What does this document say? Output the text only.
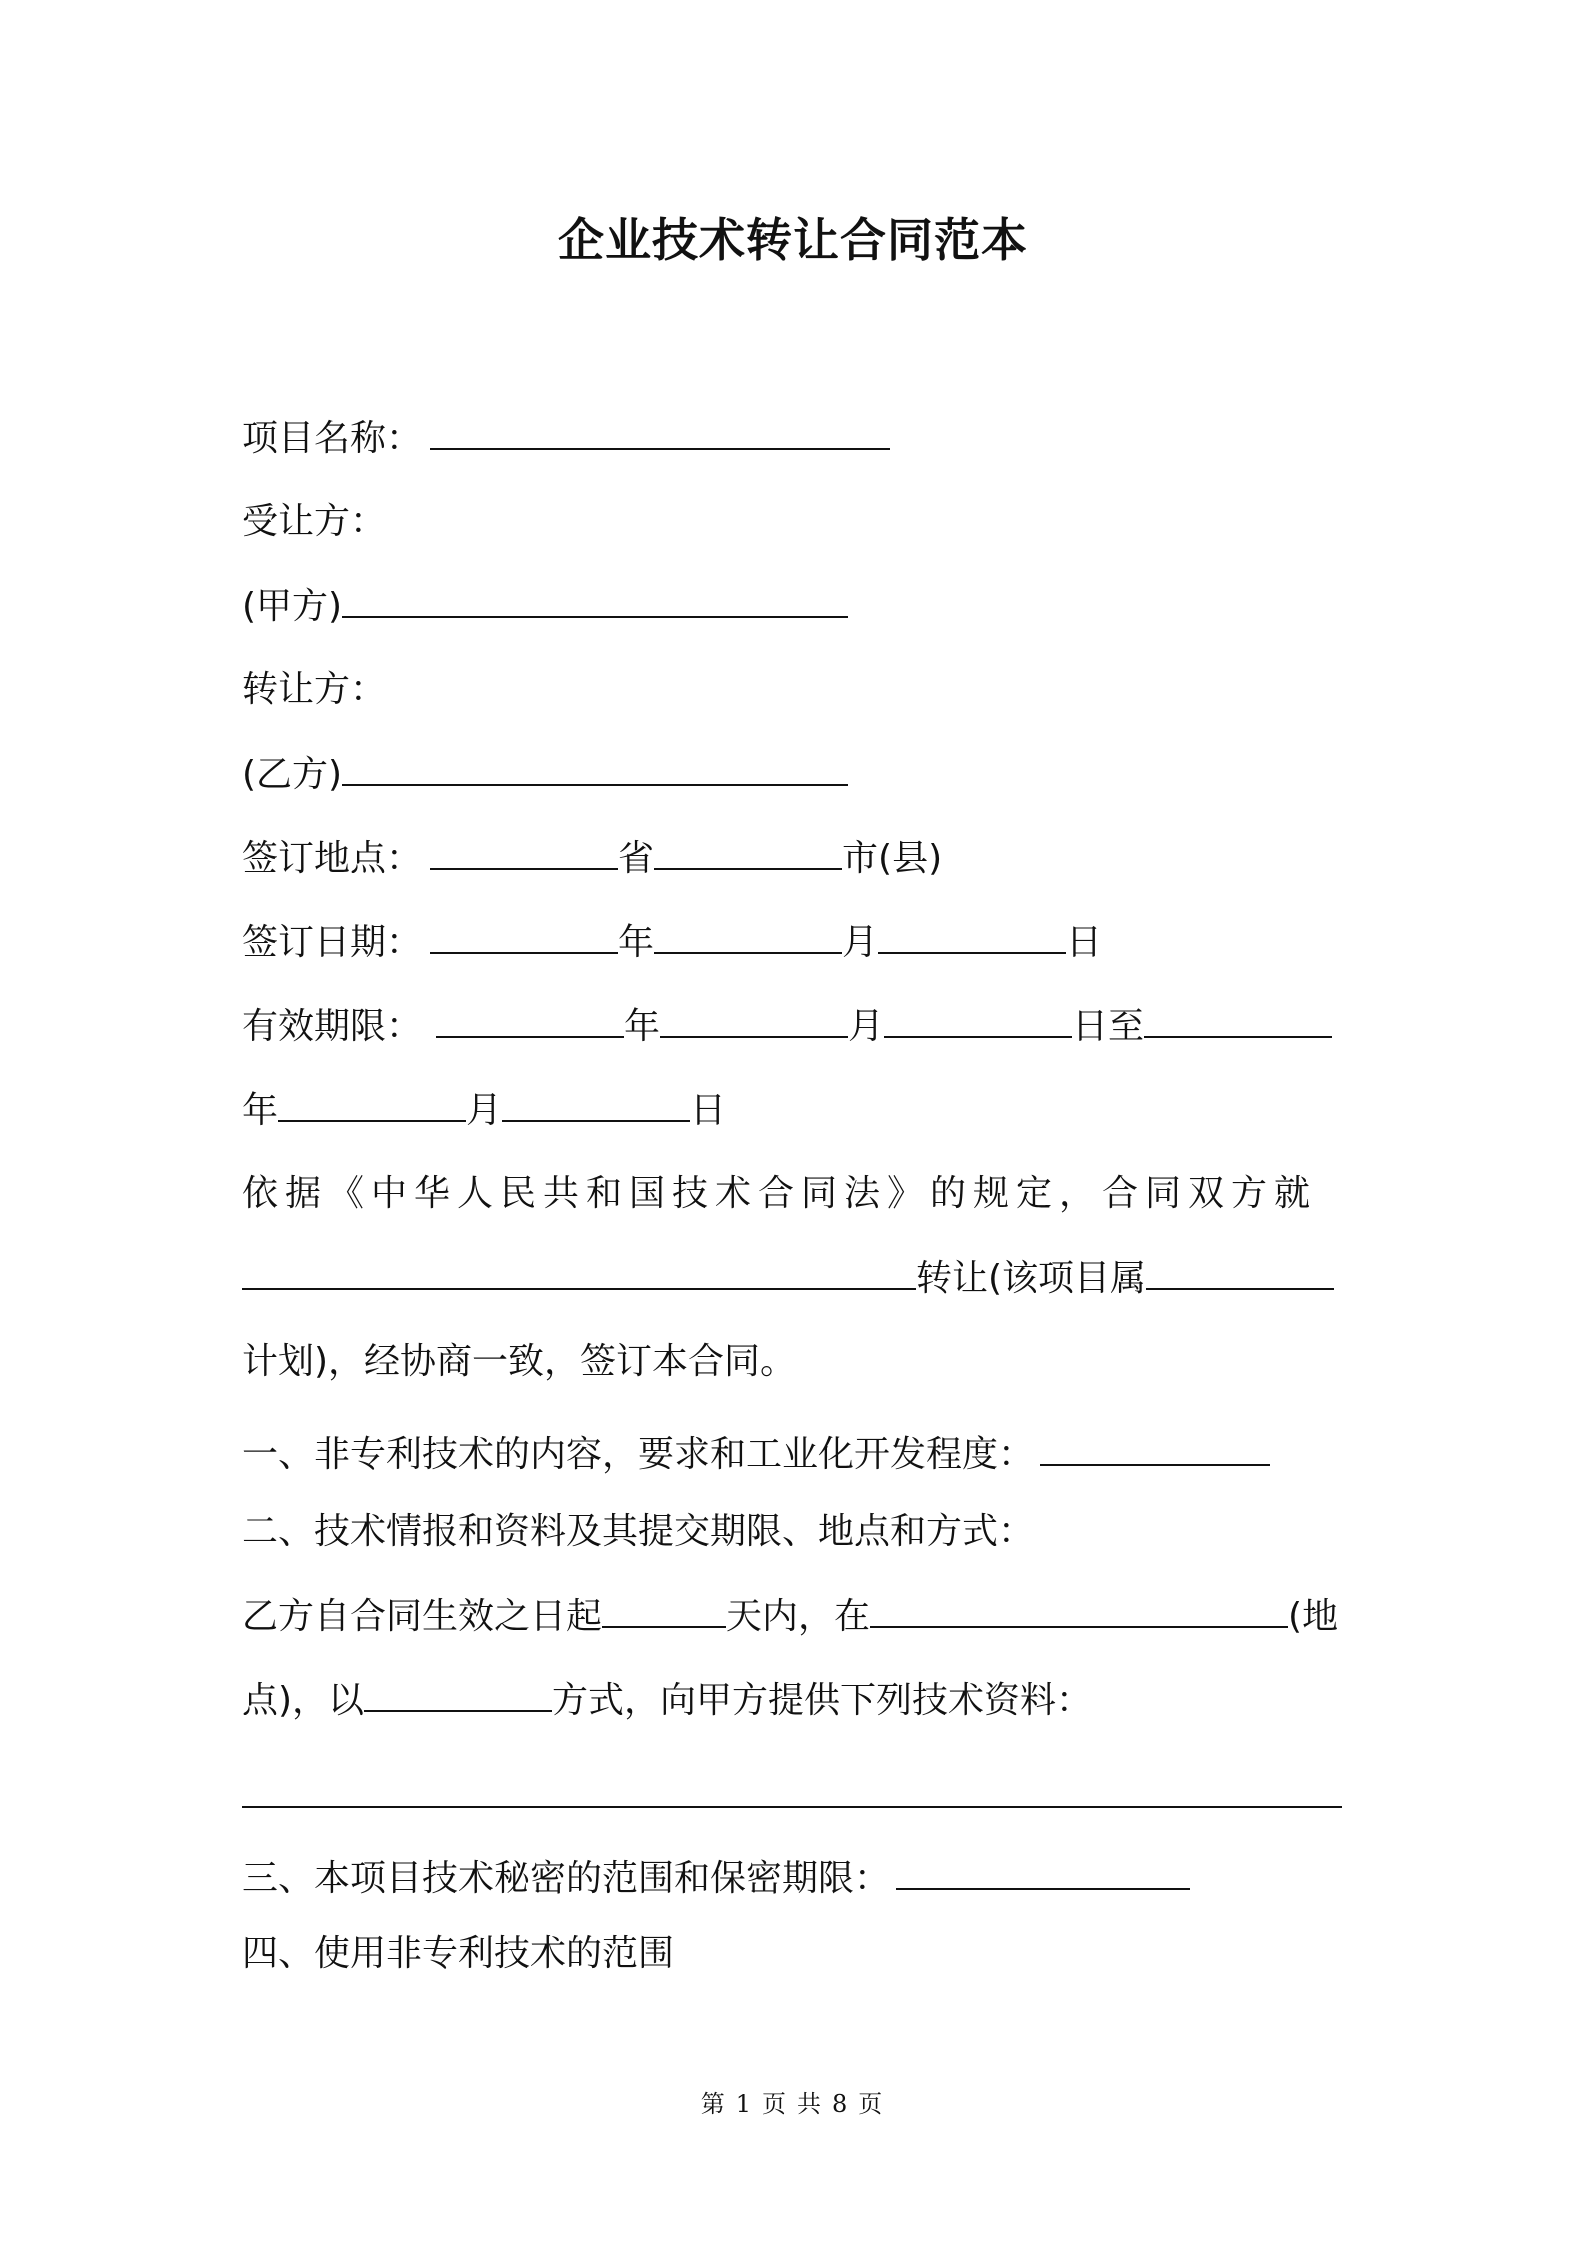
企业技术转让合同范本
项目名称：
受让方：
(甲方)
转让方：
(乙方)
签订地点：	省	市(县)
签订日期：	年	月	日
有效期限：	年	月	日至
年	月	日
依据《中华人民共和国技术合同法》的规定，合同双方就
转让(该项目属
计划)，经协商一致，签订本合同。
一、非专利技术的内容，要求和工业化开发程度：
二、技术情报和资料及其提交期限、地点和方式：
乙方自合同生效之日起	天内，在	(地
点)，以	方式，向甲方提供下列技术资料：
三、本项目技术秘密的范围和保密期限：
四、使用非专利技术的范围
第 1 页 共 8 页
